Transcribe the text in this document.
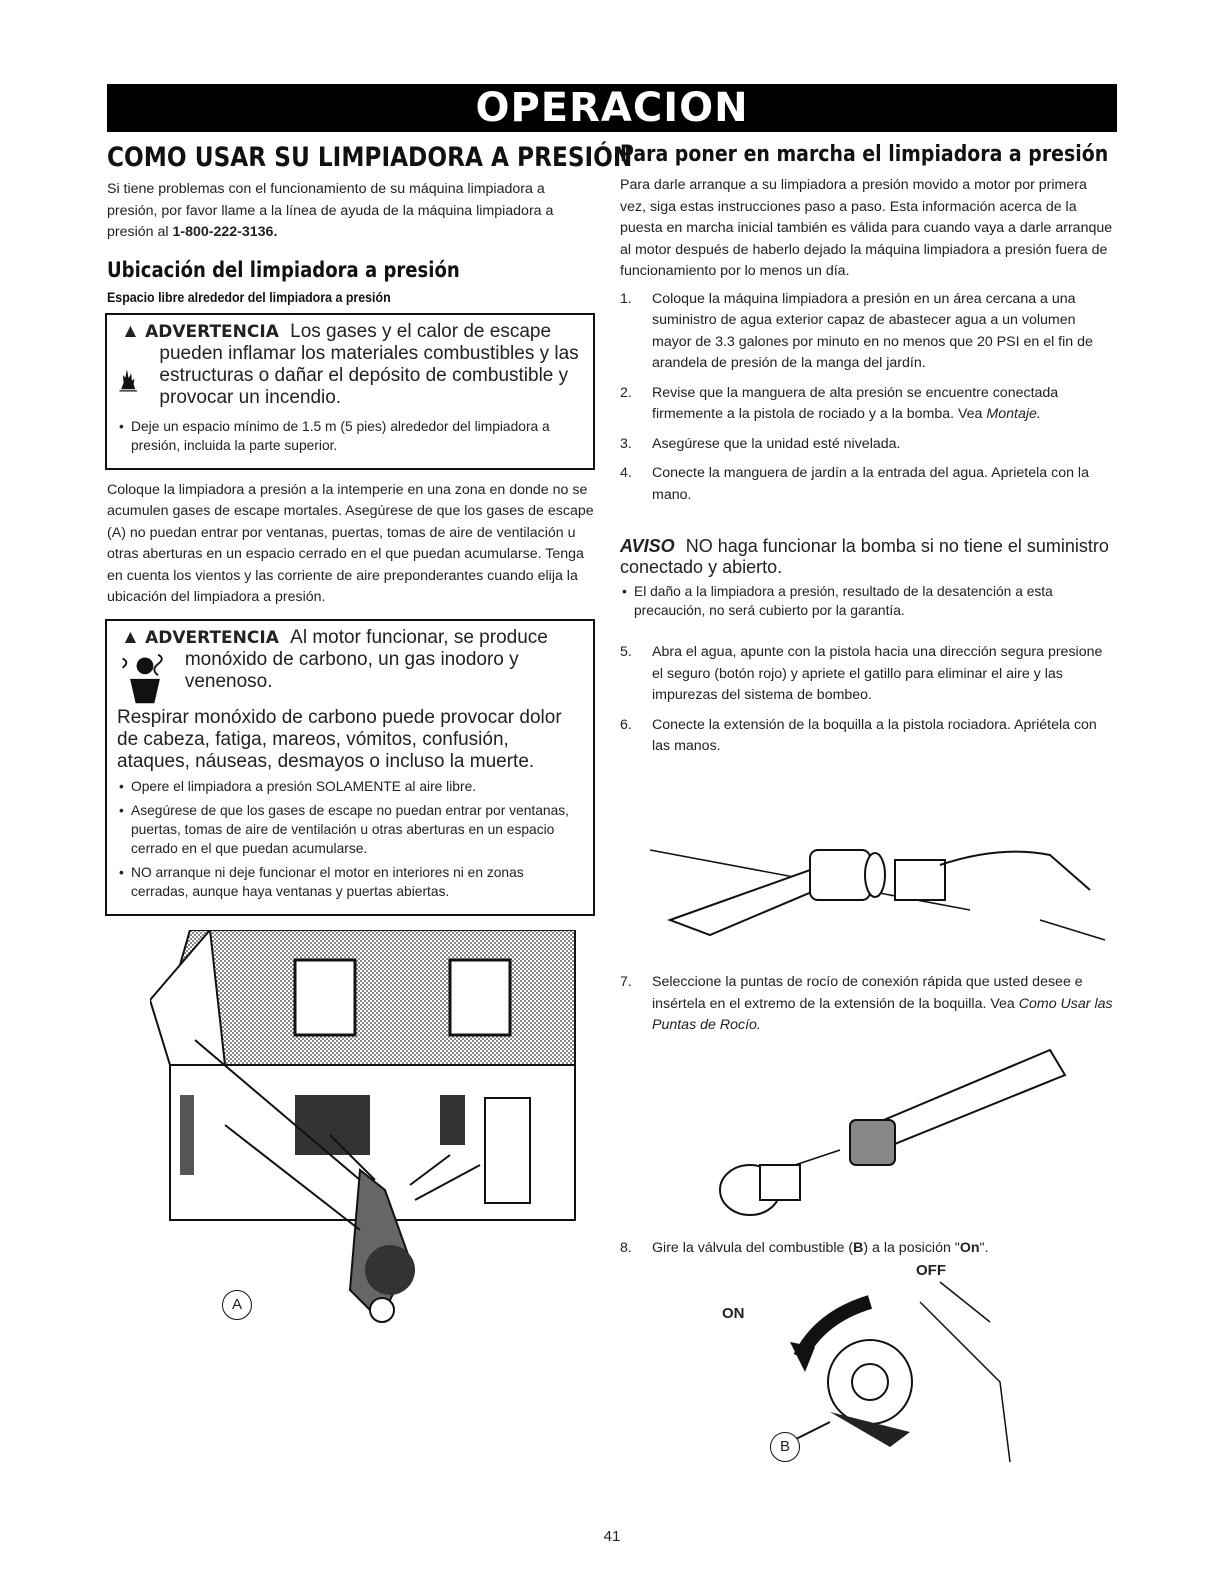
OPERACION
COMO USAR SU LIMPIADORA A PRESIÓN

Si tiene problemas con el funcionamiento de su máquina limpiadora a presión, por favor llame a la línea de ayuda de la máquina limpiadora a presión al 1-800-222-3136.

Ubicación del limpiadora a presión
Espacio libre alrededor del limpiadora a presión
▲ ADVERTENCIA Los gases y el calor de escape
pueden inflamar los materiales combustibles y las estructuras o dañar el depósito de combustible y provocar un incendio.
• Deje un espacio mínimo de 1.5 m (5 pies) alrededor del limpiadora a presión, incluida la parte superior.

Coloque la limpiadora a presión a la intemperie en una zona en donde no se acumulen gases de escape mortales. Asegúrese de que los gases de escape (A) no puedan entrar por ventanas, puertas, tomas de aire de ventilación u otras aberturas en un espacio cerrado en el que puedan acumularse. Tenga en cuenta los vientos y las corriente de aire preponderantes cuando elija la ubicación del limpiadora a presión.

▲ ADVERTENCIA Al motor funcionar, se produce
monóxido de carbono, un gas inodoro y venenoso.
Respirar monóxido de carbono puede provocar dolor de cabeza, fatiga, mareos, vómitos, confusión, ataques, náuseas, desmayos o incluso la muerte.
• Opere el limpiadora a presión SOLAMENTE al aire libre.
• Asegúrese de que los gases de escape no puedan entrar por ventanas, puertas, tomas de aire de ventilación u otras aberturas en un espacio cerrado en el que puedan acumularse.
• NO arranque ni deje funcionar el motor en interiores ni en zonas cerradas, aunque haya ventanas y puertas abiertas.
A
Para poner en marcha el limpiadora a presión

Para darle arranque a su limpiadora a presión movido a motor por primera vez, siga estas instrucciones paso a paso. Esta información acerca de la puesta en marcha inicial también es válida para cuando vaya a darle arranque al motor después de haberlo dejado la máquina limpiadora a presión fuera de funcionamiento por lo menos un día.

1.	Coloque la máquina limpiadora a presión en un área cercana a una suministro de agua exterior capaz de abastecer agua a un volumen mayor de 3.3 galones por minuto en no menos que 20 PSI en el fin de arandela de presión de la manga del jardín.
2.	Revise que la manguera de alta presión se encuentre conectada firmemente a la pistola de rociado y a la bomba. Vea Montaje.
3.	Asegúrese que la unidad esté nivelada.
4.	Conecte la manguera de jardín a la entrada del agua. Aprietela con la mano.
AVISO NO haga funcionar la bomba si no tiene el suministro conectado y abierto.
• El daño a la limpiadora a presión, resultado de la desatención a esta precaución, no será cubierto por la garantía.
5.	Abra el agua, apunte con la pistola hacia una dirección segura presione el seguro (botón rojo) y apriete el gatillo para eliminar el aire y las impurezas del sistema de bombeo.
6.	Conecte la extensión de la boquilla a la pistola rociadora. Apriétela con las manos.
7.	Seleccione la puntas de rocío de conexión rápida que usted desee e insértela en el extremo de la extensión de la boquilla. Vea Como Usar las Puntas de Rocío.
8.	Gire la válvula del combustible (B) a la posición "On".
OFF
ON
B
41
